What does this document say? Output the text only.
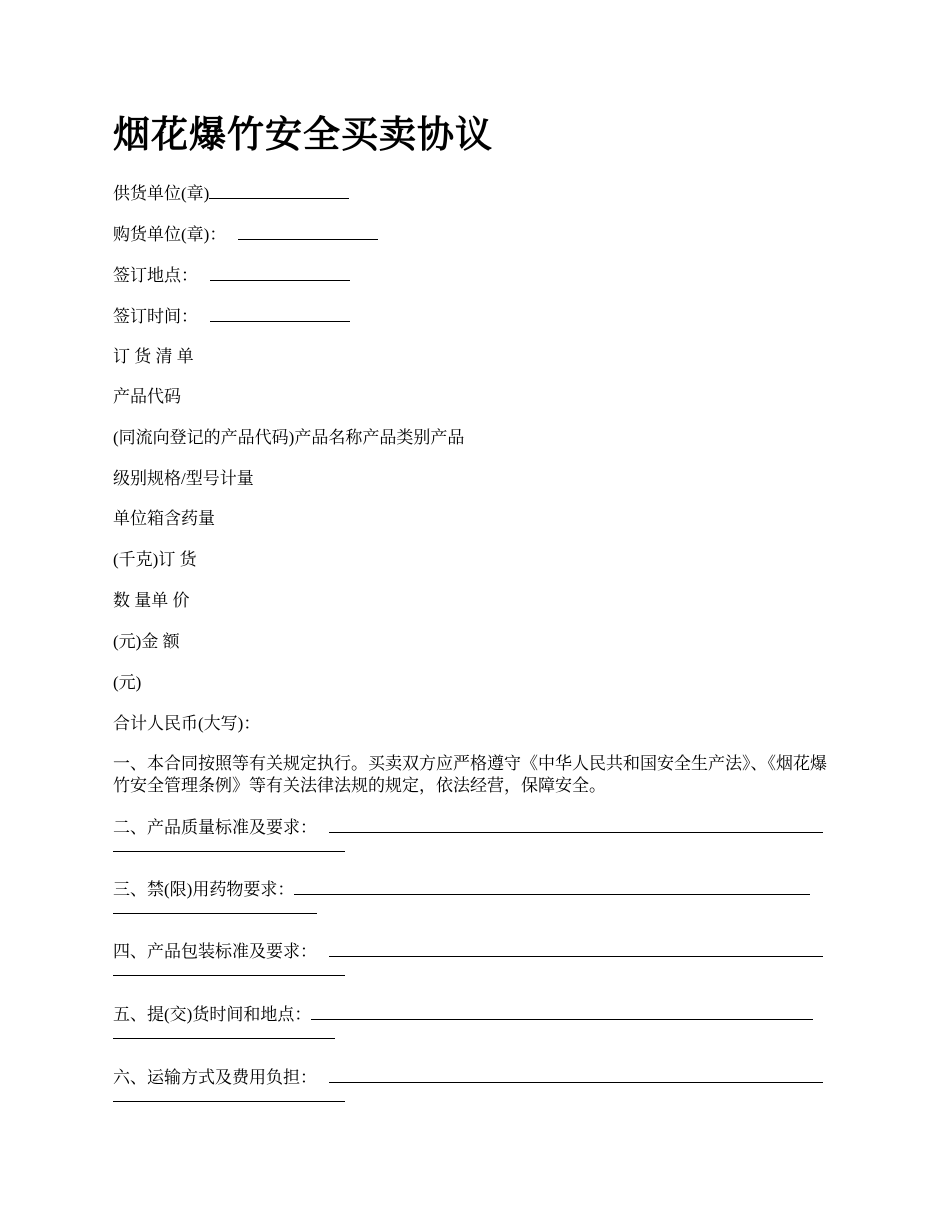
烟花爆竹安全买卖协议
供货单位(章)
购货单位(章)：
签订地点：
签订时间：
订 货 清 单
产品代码
(同流向登记的产品代码)产品名称产品类别产品
级别规格/型号计量
单位箱含药量
(千克)订 货
数 量单 价
(元)金 额
(元)
合计人民币(大写)：
一、本合同按照等有关规定执行。买卖双方应严格遵守《中华人民共和国安全生产法》、《烟花爆竹安全管理条例》等有关法律法规的规定，依法经营，保障安全。
二、产品质量标准及要求：
三、禁(限)用药物要求：
四、产品包装标准及要求：
五、提(交)货时间和地点：
六、运输方式及费用负担：
